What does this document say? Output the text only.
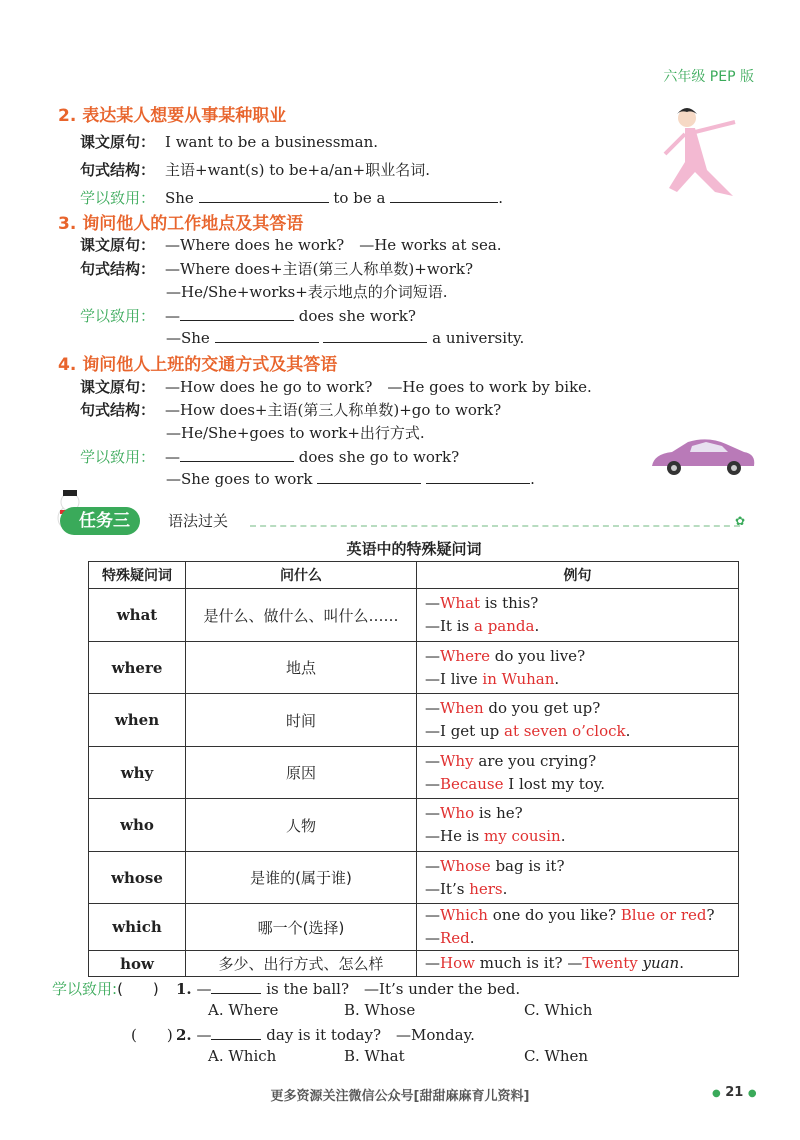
六年级 PEP 版
2. 表达某人想要从事某种职业
课文原句： I want to be a businessman.
句式结构： 主语+want(s) to be+a/an+职业名词.
学以致用： She	to be a	.
3. 询问他人的工作地点及其答语
课文原句： —Where does he work?　—He works at sea.
句式结构： —Where does+主语(第三人称单数)+work?
—He/She+works+表示地点的介词短语.
学以致用： —	does she work?
—She	a university.
4. 询问他人上班的交通方式及其答语
课文原句： —How does he go to work?　—He goes to work by bike.
句式结构： —How does+主语(第三人称单数)+go to work?
—He/She+goes to work+出行方式.
学以致用： —	does she go to work?
—She goes to work	.
任务三	语法过关	✿
英语中的特殊疑问词
特殊疑问词	问什么	例句
what	是什么、做什么、叫什么……	—What is this?
—It is a panda.

where	地点	—Where do you live?
—I live in Wuhan.

when	时间	—When do you get up?
—I get up at seven o’clock.

why	原因	—Why are you crying?
—Because I lost my toy.

who	人物	—Who is he?
—He is my cousin.

whose	是谁的(属于谁)	—Whose bag is it?
—It’s hers.

which	哪一个(选择)	—Which one do you like? Blue or red?
—Red.

how	多少、出行方式、怎么样	—How much is it? —Twenty yuan.
学以致用:(　　) 1. —	is the ball?　—It’s under the bed.
A. Where	B. Whose	C. Which
(　　) 2. —	day is it today?　—Monday.
A. Which	B. What	C. When
更多资源关注微信公众号[甜甜麻麻育儿资料]	● 21 ●
